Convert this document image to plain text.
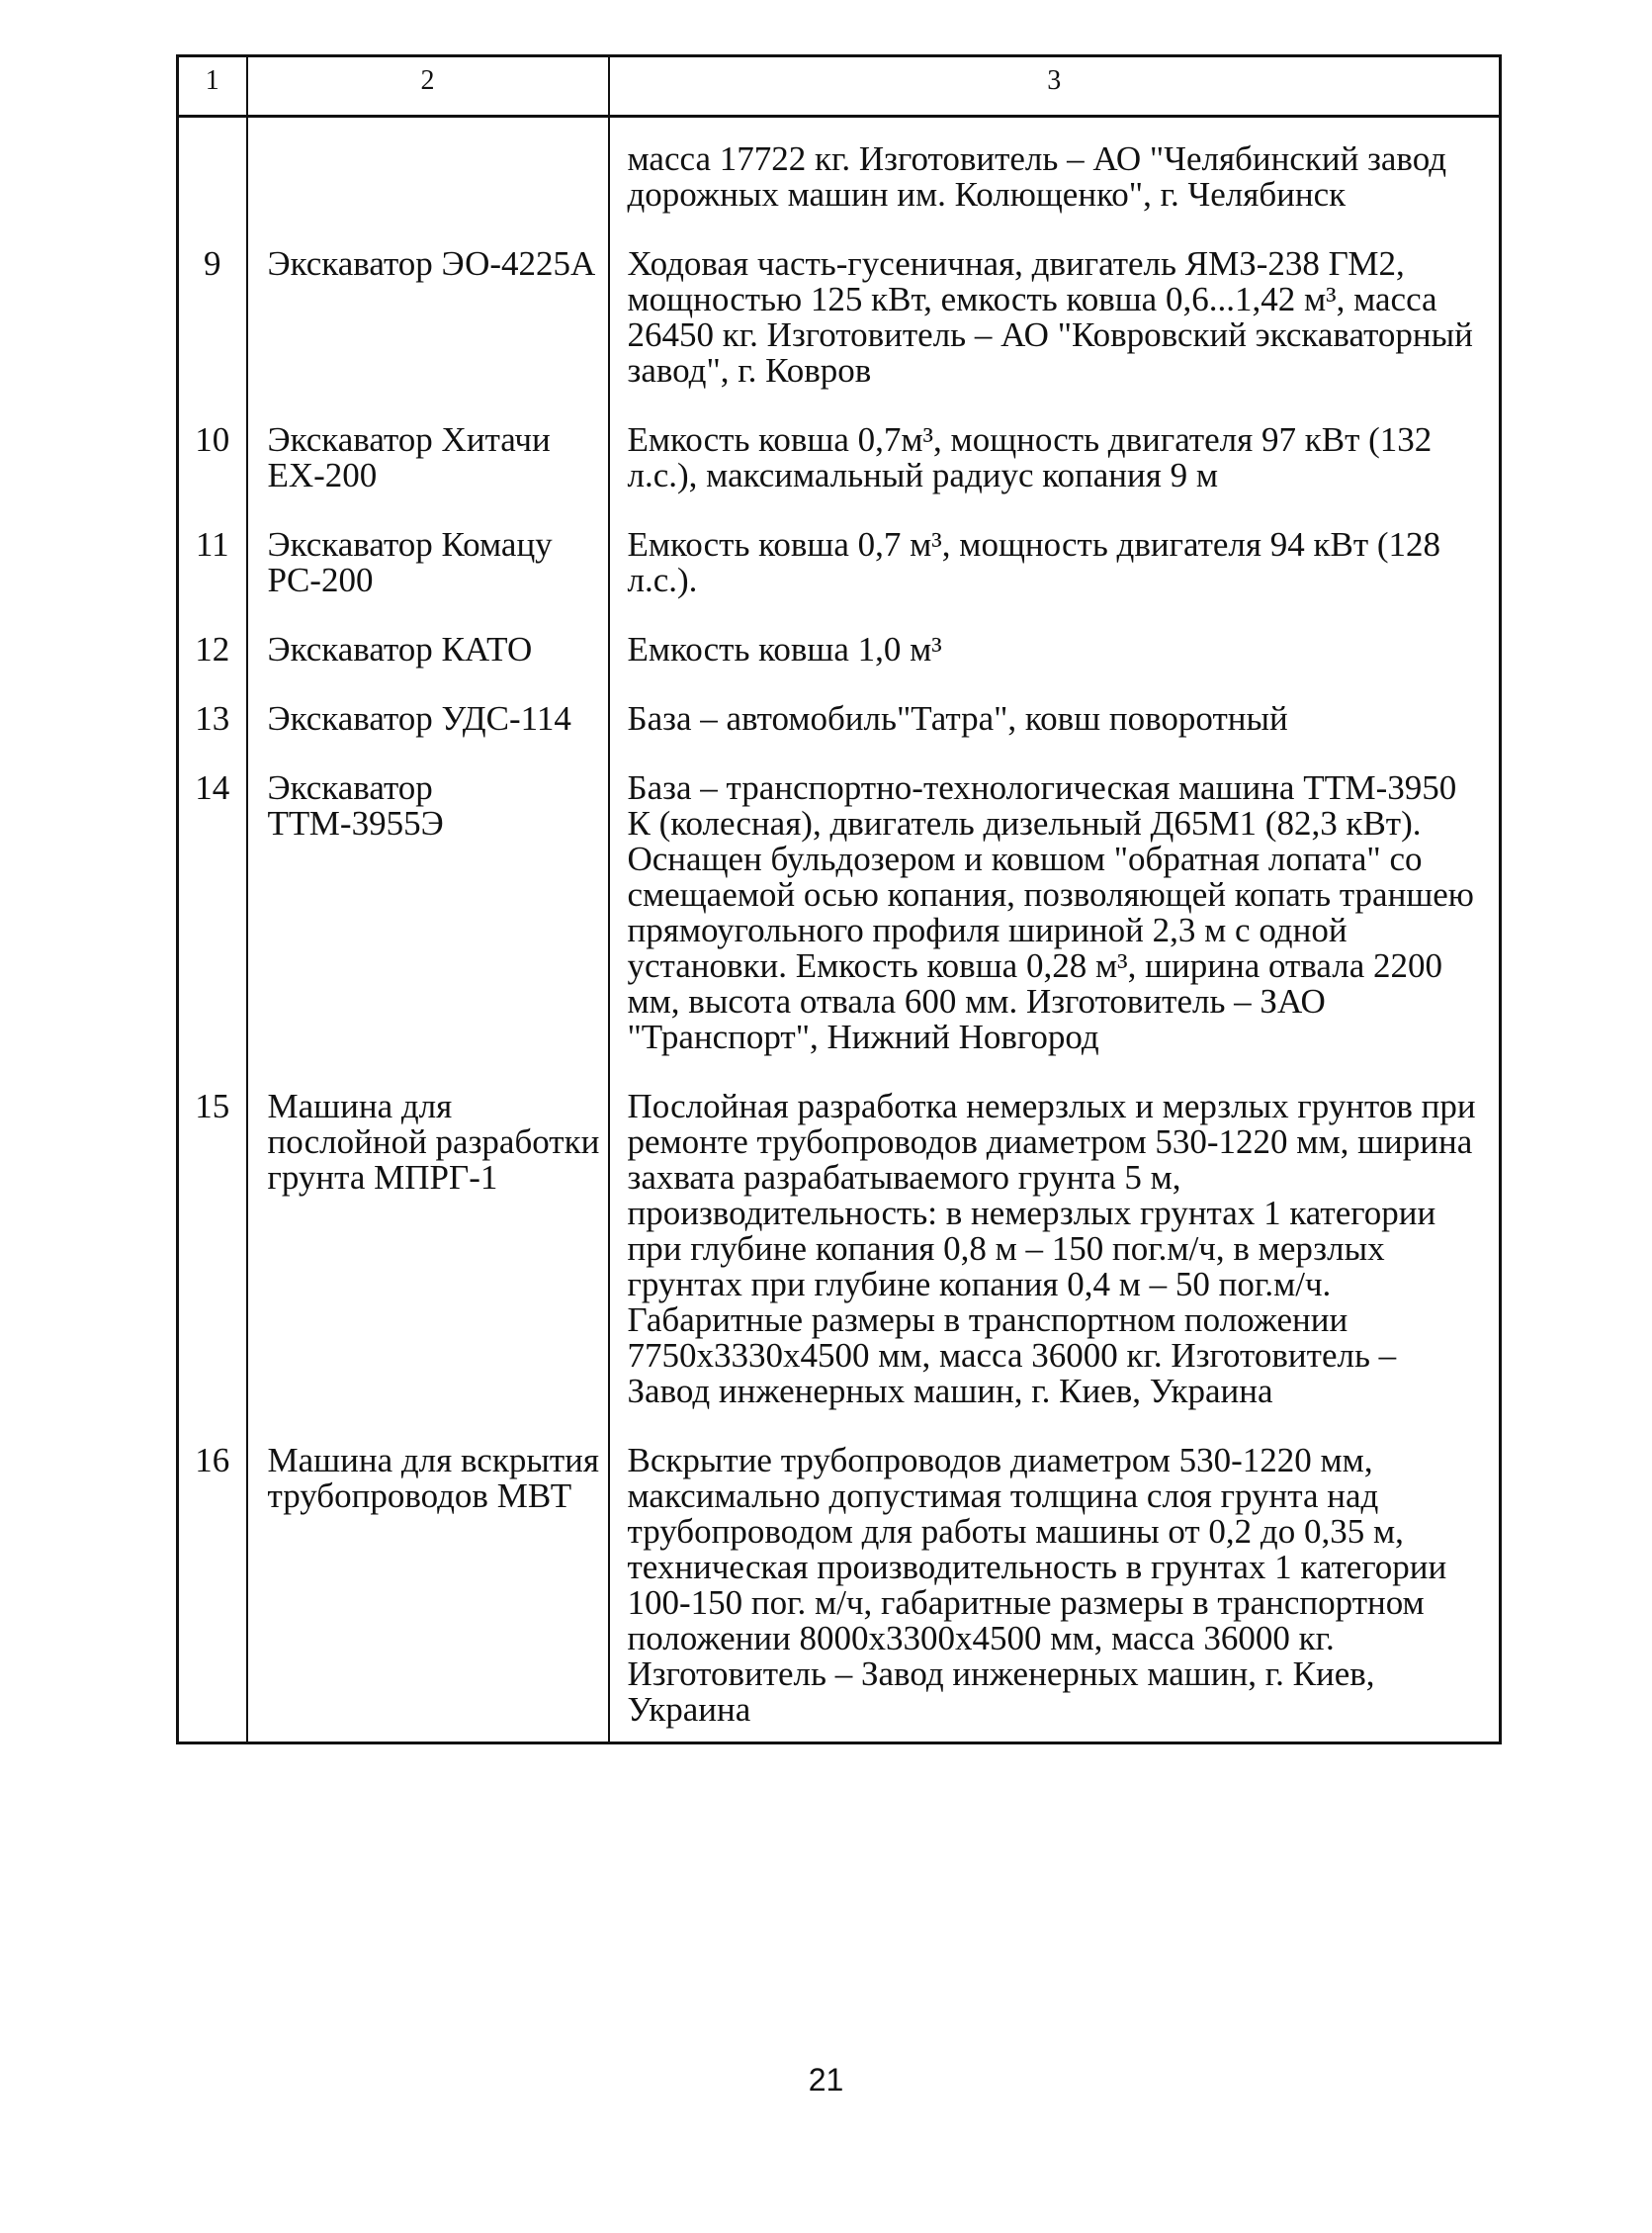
1	2	3
		масса 17722 кг. Изготовитель – АО "Челябинский завод дорожных машин им. Колющенко", г. Челябинск
9	Экскаватор ЭО-4225А	Ходовая часть-гусеничная, двигатель ЯМЗ-238 ГМ2, мощностью 125 кВт, емкость ковша 0,6...1,42 м³, масса 26450 кг. Изготовитель – АО "Ковровский экскаваторный завод", г. Ковров
10	Экскаватор Хитачи ЕХ-200	Емкость ковша 0,7м³, мощность двигателя 97 кВт (132 л.с.), максимальный радиус копания 9 м
11	Экскаватор Комацу PC-200	Емкость ковша 0,7 м³, мощность двигателя 94 кВт (128 л.с.).
12	Экскаватор КАТО	Емкость ковша 1,0 м³
13	Экскаватор УДС-114	База – автомобиль"Татра", ковш поворотный
14	Экскаватор ТТМ-3955Э	База – транспортно-технологическая машина ТТМ-3950 К (колесная), двигатель дизельный Д65М1 (82,3 кВт). Оснащен бульдозером и ковшом "обратная лопата" со смещаемой осью копания, позволяющей копать траншею прямоугольного профиля шириной 2,3 м с одной установки. Емкость ковша 0,28 м³, ширина отвала 2200 мм, высота отвала 600 мм. Изготовитель – ЗАО "Транспорт", Нижний Новгород
15	Машина для послойной разработки грунта МПРГ-1	Послойная разработка немерзлых и мерзлых грунтов при ремонте трубопроводов диаметром 530-1220 мм, ширина захвата разрабатываемого грунта 5 м, производительность: в немерзлых грунтах 1 категории при глубине копания 0,8 м – 150 пог.м/ч, в мерзлых грунтах при глубине копания 0,4 м – 50 пог.м/ч. Габаритные размеры в транспортном положении 7750х3330х4500 мм, масса 36000 кг. Изготовитель – Завод инженерных машин, г. Киев, Украина
16	Машина для вскрытия трубопроводов МВТ	Вскрытие трубопроводов диаметром 530-1220 мм, максимально допустимая толщина слоя грунта над трубопроводом для работы машины от 0,2 до 0,35 м, техническая производительность в грунтах 1 категории 100-150 пог. м/ч, габаритные размеры в транспортном положении 8000х3300х4500 мм, масса 36000 кг. Изготовитель – Завод инженерных машин, г. Киев, Украина
21
